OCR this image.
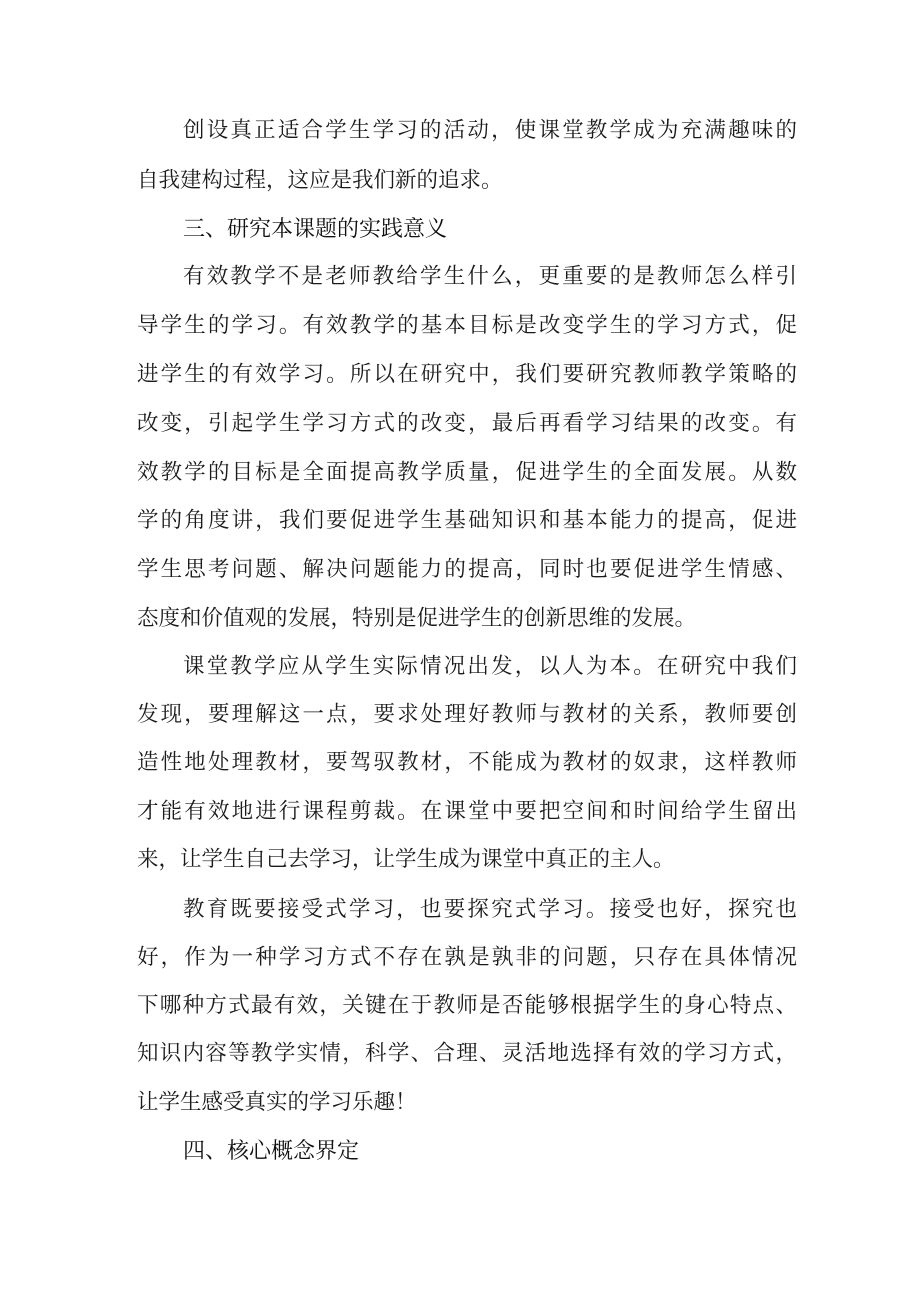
创设真正适合学生学习的活动，使课堂教学成为充满趣味的
自我建构过程，这应是我们新的追求。
三、研究本课题的实践意义
有效教学不是老师教给学生什么，更重要的是教师怎么样引
导学生的学习。有效教学的基本目标是改变学生的学习方式，促
进学生的有效学习。所以在研究中，我们要研究教师教学策略的
改变，引起学生学习方式的改变，最后再看学习结果的改变。有
效教学的目标是全面提高教学质量，促进学生的全面发展。从数
学的角度讲，我们要促进学生基础知识和基本能力的提高，促进
学生思考问题、解决问题能力的提高，同时也要促进学生情感、
态度和价值观的发展，特别是促进学生的创新思维的发展。
课堂教学应从学生实际情况出发，以人为本。在研究中我们
发现，要理解这一点，要求处理好教师与教材的关系，教师要创
造性地处理教材，要驾驭教材，不能成为教材的奴隶，这样教师
才能有效地进行课程剪裁。在课堂中要把空间和时间给学生留出
来，让学生自己去学习，让学生成为课堂中真正的主人。
教育既要接受式学习，也要探究式学习。接受也好，探究也
好，作为一种学习方式不存在孰是孰非的问题，只存在具体情况
下哪种方式最有效，关键在于教师是否能够根据学生的身心特点、
知识内容等教学实情，科学、合理、灵活地选择有效的学习方式，
让学生感受真实的学习乐趣！
四、核心概念界定
